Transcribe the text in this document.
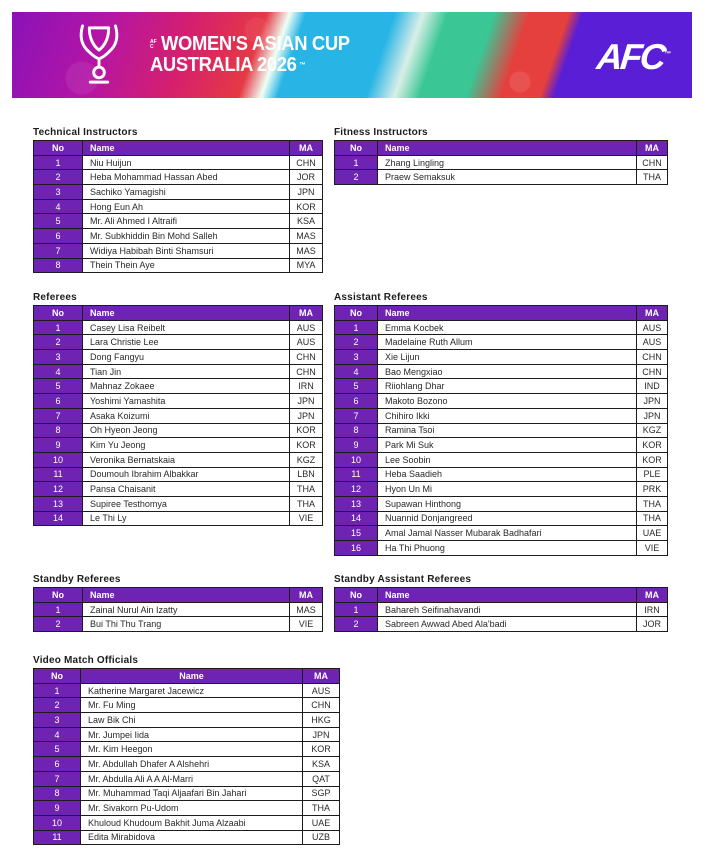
AFC WOMEN'S ASIAN CUP
AUSTRALIA 2026 ™	AFC™
Technical Instructors
No	Name	MA
1	Niu Huijun	CHN
2	Heba Mohammad Hassan Abed	JOR
3	Sachiko Yamagishi	JPN
4	Hong Eun Ah	KOR
5	Mr. Ali Ahmed I Altraifi	KSA
6	Mr. Subkhiddin Bin Mohd Salleh	MAS
7	Widiya Habibah Binti Shamsuri	MAS
8	Thein Thein Aye	MYA
Fitness Instructors
No	Name	MA
1	Zhang Lingling	CHN
2	Praew Semaksuk	THA
Referees
No	Name	MA
1	Casey Lisa Reibelt	AUS
2	Lara Christie Lee	AUS
3	Dong Fangyu	CHN
4	Tian Jin	CHN
5	Mahnaz Zokaee	IRN
6	Yoshimi Yamashita	JPN
7	Asaka Koizumi	JPN
8	Oh Hyeon Jeong	KOR
9	Kim Yu Jeong	KOR
10	Veronika Bernatskaia	KGZ
11	Doumouh Ibrahim Albakkar	LBN
12	Pansa Chaisanit	THA
13	Supiree Testhomya	THA
14	Le Thi Ly	VIE
Assistant Referees
No	Name	MA
1	Emma Kocbek	AUS
2	Madelaine Ruth Allum	AUS
3	Xie Lijun	CHN
4	Bao Mengxiao	CHN
5	Riiohlang Dhar	IND
6	Makoto Bozono	JPN
7	Chihiro Ikki	JPN
8	Ramina Tsoi	KGZ
9	Park Mi Suk	KOR
10	Lee Soobin	KOR
11	Heba Saadieh	PLE
12	Hyon Un Mi	PRK
13	Supawan Hinthong	THA
14	Nuannid Donjangreed	THA
15	Amal Jamal Nasser Mubarak Badhafari	UAE
16	Ha Thi Phuong	VIE
Standby Referees
No	Name	MA
1	Zainal Nurul Ain Izatty	MAS
2	Bui Thi Thu Trang	VIE
Standby Assistant Referees
No	Name	MA
1	Bahareh Seifinahavandi	IRN
2	Sabreen Awwad Abed Ala'badi	JOR
Video Match Officials
No	Name	MA
1	Katherine Margaret Jacewicz	AUS
2	Mr. Fu Ming	CHN
3	Law Bik Chi	HKG
4	Mr. Jumpei Iida	JPN
5	Mr. Kim Heegon	KOR
6	Mr. Abdullah Dhafer A Alshehri	KSA
7	Mr. Abdulla Ali A A Al-Marri	QAT
8	Mr. Muhammad Taqi Aljaafari Bin Jahari	SGP
9	Mr. Sivakorn Pu-Udom	THA
10	Khuloud Khudoum Bakhit Juma Alzaabi	UAE
11	Edita Mirabidova	UZB
